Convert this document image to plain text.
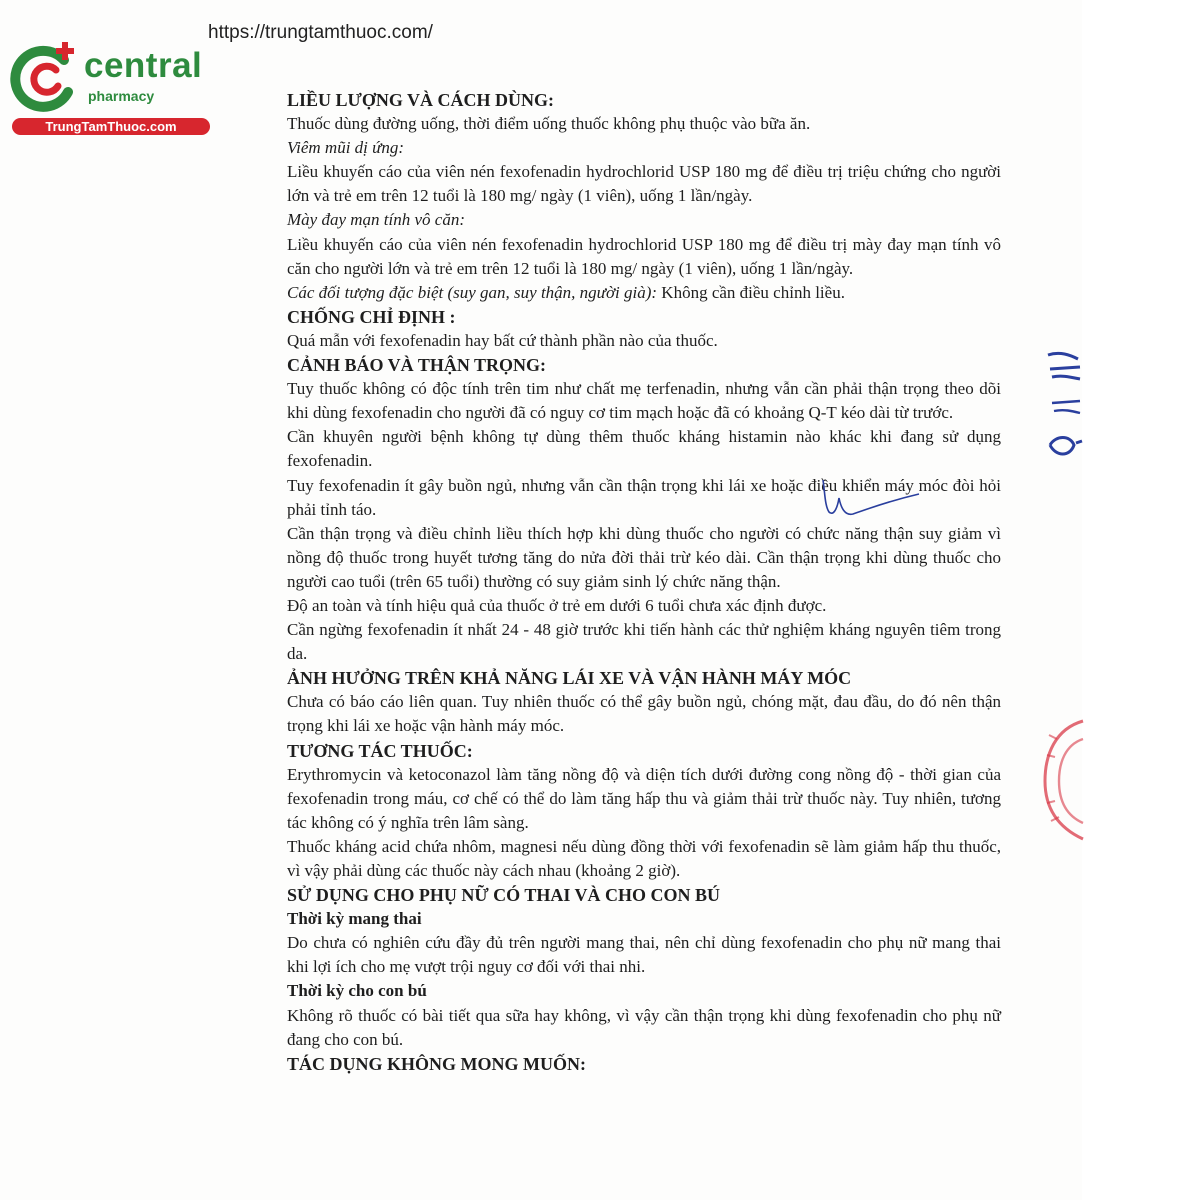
https://trungtamthuoc.com/
central
pharmacy
TrungTamThuoc.com

LIỀU LƯỢNG VÀ CÁCH DÙNG:

Thuốc dùng đường uống, thời điểm uống thuốc không phụ thuộc vào bữa ăn.

Viêm mũi dị ứng:

Liều khuyến cáo của viên nén fexofenadin hydrochlorid USP 180 mg để điều trị triệu chứng cho người lớn và trẻ em trên 12 tuổi là 180 mg/ ngày (1 viên), uống 1 lần/ngày.

Mày đay mạn tính vô căn:

Liều khuyến cáo của viên nén fexofenadin hydrochlorid USP 180 mg để điều trị mày đay mạn tính vô căn cho người lớn và trẻ em trên 12 tuổi là 180 mg/ ngày (1 viên), uống 1 lần/ngày.

Các đối tượng đặc biệt (suy gan, suy thận, người già): Không cần điều chỉnh liều.

CHỐNG CHỈ ĐỊNH :

Quá mẫn với fexofenadin hay bất cứ thành phần nào của thuốc.

CẢNH BÁO VÀ THẬN TRỌNG:

Tuy thuốc không có độc tính trên tim như chất mẹ terfenadin, nhưng vẫn cần phải thận trọng theo dõi khi dùng fexofenadin cho người đã có nguy cơ tim mạch hoặc đã có khoảng Q-T kéo dài từ trước.

Cần khuyên người bệnh không tự dùng thêm thuốc kháng histamin nào khác khi đang sử dụng fexofenadin.

Tuy fexofenadin ít gây buồn ngủ, nhưng vẫn cần thận trọng khi lái xe hoặc điều khiển máy móc đòi hỏi phải tỉnh táo.

Cần thận trọng và điều chỉnh liều thích hợp khi dùng thuốc cho người có chức năng thận suy giảm vì nồng độ thuốc trong huyết tương tăng do nửa đời thải trừ kéo dài. Cần thận trọng khi dùng thuốc cho người cao tuổi (trên 65 tuổi) thường có suy giảm sinh lý chức năng thận.

Độ an toàn và tính hiệu quả của thuốc ở trẻ em dưới 6 tuổi chưa xác định được.

Cần ngừng fexofenadin ít nhất 24 - 48 giờ trước khi tiến hành các thử nghiệm kháng nguyên tiêm trong da.

ẢNH HƯỞNG TRÊN KHẢ NĂNG LÁI XE VÀ VẬN HÀNH MÁY MÓC

Chưa có báo cáo liên quan. Tuy nhiên thuốc có thể gây buồn ngủ, chóng mặt, đau đầu, do đó nên thận trọng khi lái xe hoặc vận hành máy móc.

TƯƠNG TÁC THUỐC:

Erythromycin và ketoconazol làm tăng nồng độ và diện tích dưới đường cong nồng độ - thời gian của fexofenadin trong máu, cơ chế có thể do làm tăng hấp thu và giảm thải trừ thuốc này. Tuy nhiên, tương tác không có ý nghĩa trên lâm sàng.

Thuốc kháng acid chứa nhôm, magnesi nếu dùng đồng thời với fexofenadin sẽ làm giảm hấp thu thuốc, vì vậy phải dùng các thuốc này cách nhau (khoảng 2 giờ).

SỬ DỤNG CHO PHỤ NỮ CÓ THAI VÀ CHO CON BÚ

Thời kỳ mang thai

Do chưa có nghiên cứu đầy đủ trên người mang thai, nên chỉ dùng fexofenadin cho phụ nữ mang thai khi lợi ích cho mẹ vượt trội nguy cơ đối với thai nhi.

Thời kỳ cho con bú

Không rõ thuốc có bài tiết qua sữa hay không, vì vậy cần thận trọng khi dùng fexofenadin cho phụ nữ đang cho con bú.

TÁC DỤNG KHÔNG MONG MUỐN:
